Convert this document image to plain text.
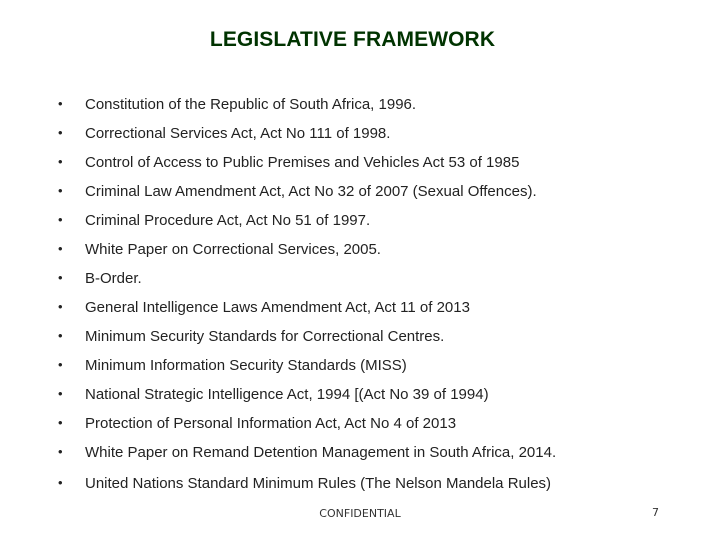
LEGISLATIVE FRAMEWORK
• Constitution of the Republic of South Africa, 1996.
• Correctional Services Act, Act No 111 of 1998.
• Control of Access to Public Premises and Vehicles Act 53 of 1985
• Criminal Law Amendment Act, Act No 32 of 2007 (Sexual Offences).
• Criminal Procedure Act, Act No 51 of 1997.
• White Paper on Correctional Services, 2005.
• B-Order.
• General Intelligence Laws Amendment Act, Act 11 of 2013
• Minimum Security Standards for Correctional Centres.
• Minimum Information Security Standards (MISS)
• National Strategic Intelligence Act, 1994 [(Act No 39 of 1994)
• Protection of Personal Information Act, Act No 4 of 2013
• White Paper on Remand Detention Management in South Africa, 2014.
• United Nations Standard Minimum Rules (The Nelson Mandela Rules)
CONFIDENTIAL	7
